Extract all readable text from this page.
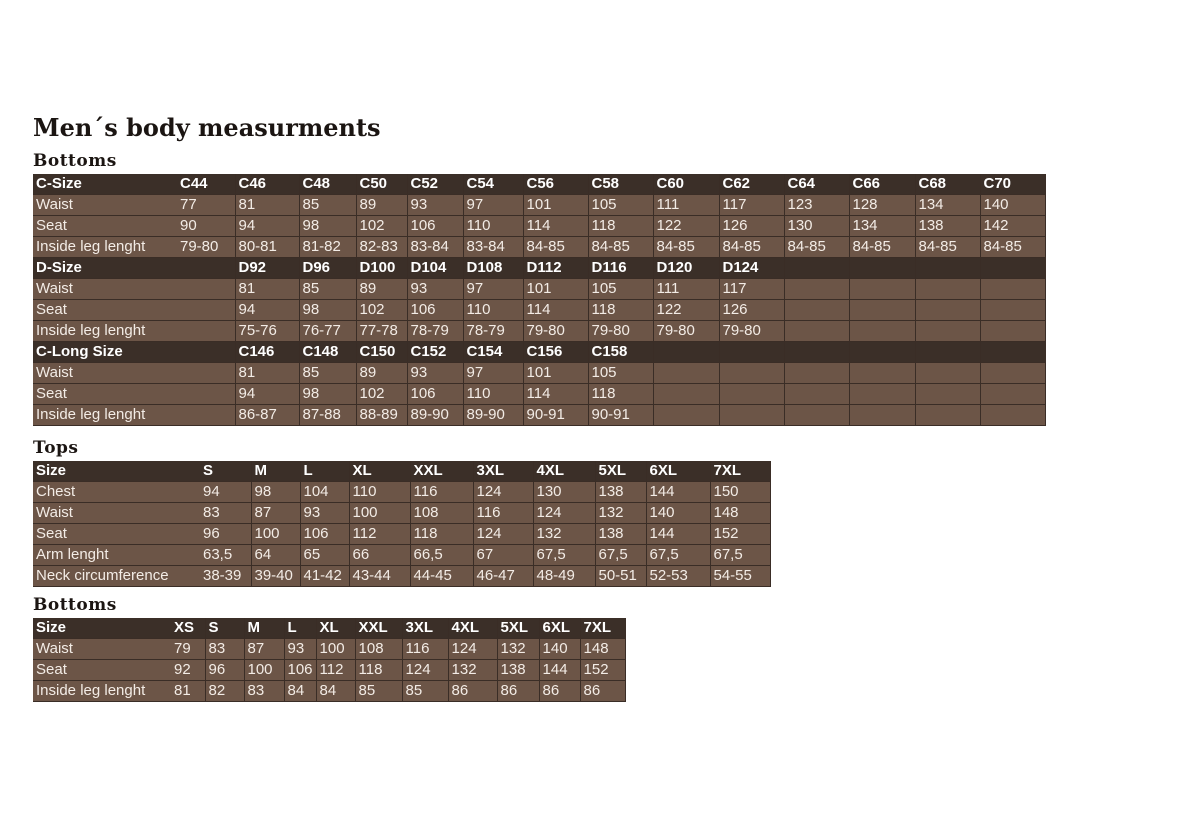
Men´s body measurments
Bottoms
C-Size	C44	C46	C48	C50	C52	C54	C56	C58	C60	C62	C64	C66	C68	C70
Waist	77	81	85	89	93	97	101	105	111	117	123	128	134	140
Seat	90	94	98	102	106	110	114	118	122	126	130	134	138	142
Inside leg lenght	79-80	80-81	81-82	82-83	83-84	83-84	84-85	84-85	84-85	84-85	84-85	84-85	84-85	84-85
D-Size		D92	D96	D100	D104	D108	D112	D116	D120	D124				
Waist		81	85	89	93	97	101	105	111	117				
Seat		94	98	102	106	110	114	118	122	126				
Inside leg lenght		75-76	76-77	77-78	78-79	78-79	79-80	79-80	79-80	79-80				
C-Long Size		C146	C148	C150	C152	C154	C156	C158						
Waist		81	85	89	93	97	101	105						
Seat		94	98	102	106	110	114	118						
Inside leg lenght		86-87	87-88	88-89	89-90	89-90	90-91	90-91						
Tops
Size	S	M	L	XL	XXL	3XL	4XL	5XL	6XL	7XL
Chest	94	98	104	110	116	124	130	138	144	150
Waist	83	87	93	100	108	116	124	132	140	148
Seat	96	100	106	112	118	124	132	138	144	152
Arm lenght	63,5	64	65	66	66,5	67	67,5	67,5	67,5	67,5
Neck circumference	38-39	39-40	41-42	43-44	44-45	46-47	48-49	50-51	52-53	54-55
Bottoms
Size	XS	S	M	L	XL	XXL	3XL	4XL	5XL	6XL	7XL
Waist	79	83	87	93	100	108	116	124	132	140	148
Seat	92	96	100	106	112	118	124	132	138	144	152
Inside leg lenght	81	82	83	84	84	85	85	86	86	86	86
